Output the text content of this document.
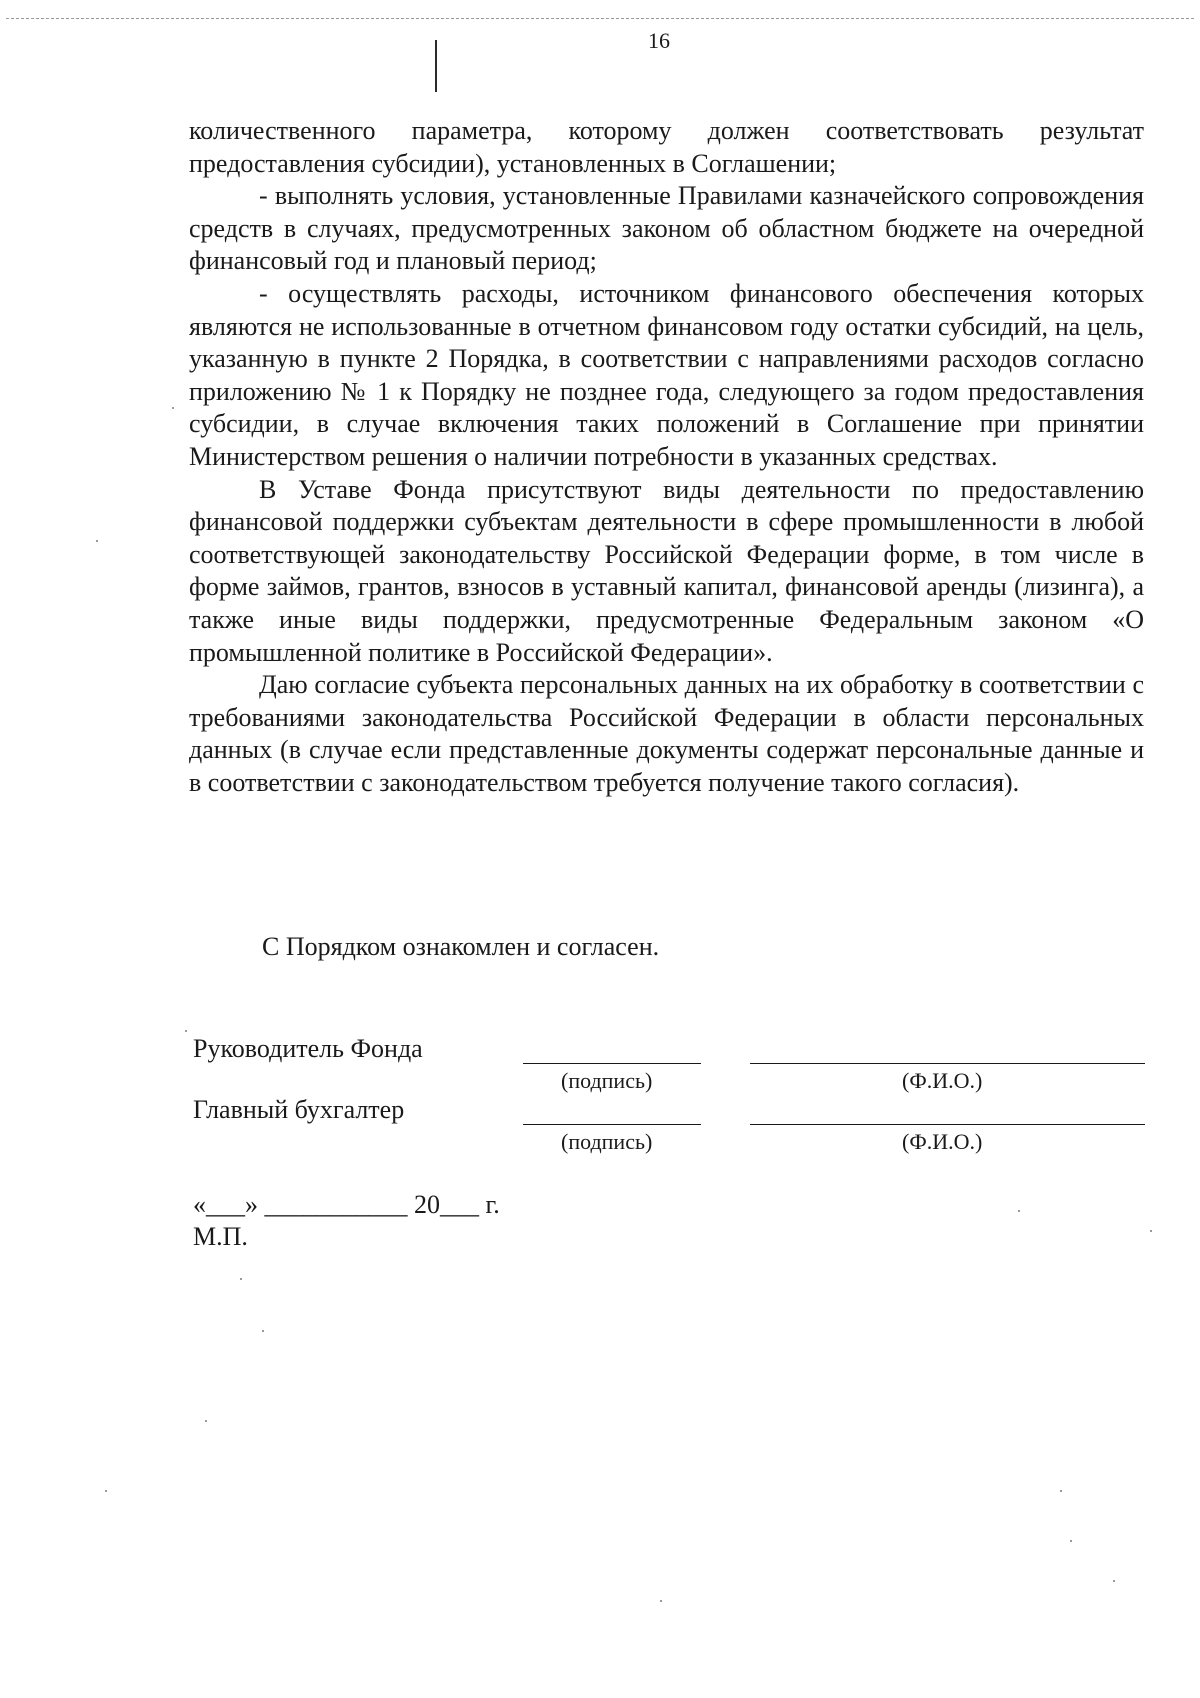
16

количественного параметра, которому должен соответствовать результат предоставления субсидии), установленных в Соглашении;

- выполнять условия, установленные Правилами казначейского сопровождения средств в случаях, предусмотренных законом об областном бюджете на очередной финансовый год и плановый период;

- осуществлять расходы, источником финансового обеспечения которых являются не использованные в отчетном финансовом году остатки субсидий, на цель, указанную в пункте 2 Порядка, в соответствии с направлениями расходов согласно приложению № 1 к Порядку не позднее года, следующего за годом предоставления субсидии, в случае включения таких положений в Соглашение при принятии Министерством решения о наличии потребности в указанных средствах.

В Уставе Фонда присутствуют виды деятельности по предоставлению финансовой поддержки субъектам деятельности в сфере промышленности в любой соответствующей законодательству Российской Федерации форме, в том числе в форме займов, грантов, взносов в уставный капитал, финансовой аренды (лизинга), а также иные виды поддержки, предусмотренные Федеральным законом «О промышленной политике в Российской Федерации».

Даю согласие субъекта персональных данных на их обработку в соответствии с требованиями законодательства Российской Федерации в области персональных данных (в случае если представленные документы содержат персональные данные и в соответствии с законодательством требуется получение такого согласия).

С Порядком ознакомлен и согласен.
Руководитель Фонда
(подпись)	(Ф.И.О.)
Главный бухгалтер
(подпись)	(Ф.И.О.)
«___» ___________ 20___ г.
М.П.
